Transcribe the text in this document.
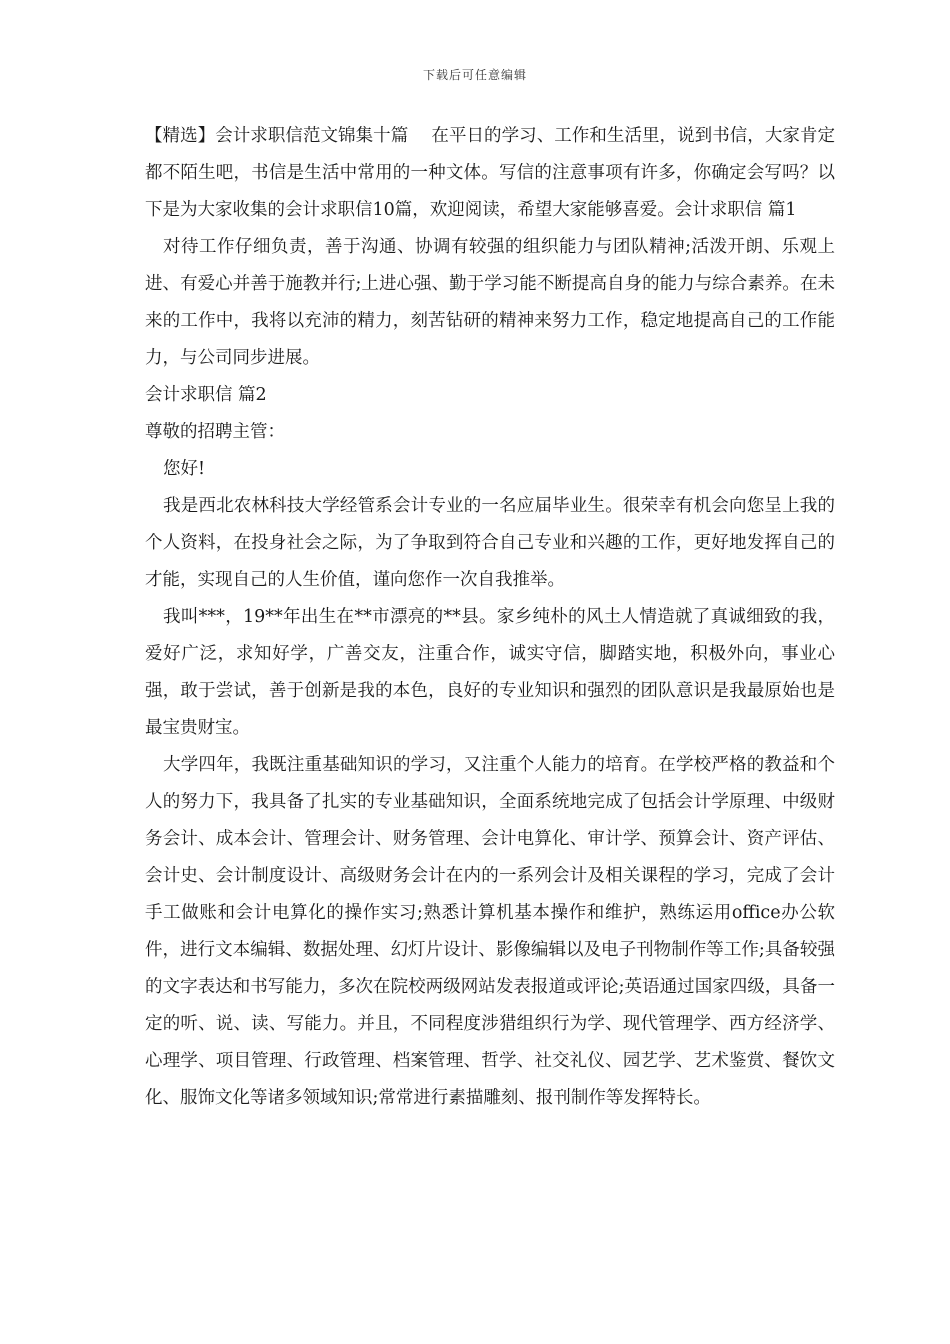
下载后可任意编辑

【精选】会计求职信范文锦集十篇　 在平日的学习、工作和生活里，说到书信，大家肯定都不陌生吧，书信是生活中常用的一种文体。写信的注意事项有许多，你确定会写吗？以下是为大家收集的会计求职信10篇，欢迎阅读，希望大家能够喜爱。会计求职信 篇1

对待工作仔细负责，善于沟通、协调有较强的组织能力与团队精神;活泼开朗、乐观上进、有爱心并善于施教并行;上进心强、勤于学习能不断提高自身的能力与综合素养。在未来的工作中，我将以充沛的精力，刻苦钻研的精神来努力工作，稳定地提高自己的工作能力，与公司同步进展。

会计求职信 篇2

尊敬的招聘主管：

您好!

我是西北农林科技大学经管系会计专业的一名应届毕业生。很荣幸有机会向您呈上我的个人资料，在投身社会之际，为了争取到符合自己专业和兴趣的工作，更好地发挥自己的才能，实现自己的人生价值，谨向您作一次自我推举。

我叫***，19**年出生在**市漂亮的**县。家乡纯朴的风土人情造就了真诚细致的我，爱好广泛，求知好学，广善交友，注重合作，诚实守信，脚踏实地，积极外向，事业心强，敢于尝试，善于创新是我的本色，良好的专业知识和强烈的团队意识是我最原始也是最宝贵财宝。

大学四年，我既注重基础知识的学习，又注重个人能力的培育。在学校严格的教益和个人的努力下，我具备了扎实的专业基础知识，全面系统地完成了包括会计学原理、中级财务会计、成本会计、管理会计、财务管理、会计电算化、审计学、预算会计、资产评估、会计史、会计制度设计、高级财务会计在内的一系列会计及相关课程的学习，完成了会计手工做账和会计电算化的操作实习;熟悉计算机基本操作和维护，熟练运用office办公软件，进行文本编辑、数据处理、幻灯片设计、影像编辑以及电子刊物制作等工作;具备较强的文字表达和书写能力，多次在院校两级网站发表报道或评论;英语通过国家四级，具备一定的听、说、读、写能力。并且，不同程度涉猎组织行为学、现代管理学、西方经济学、心理学、项目管理、行政管理、档案管理、哲学、社交礼仪、园艺学、艺术鉴赏、餐饮文化、服饰文化等诸多领域知识;常常进行素描雕刻、报刊制作等发挥特长。
